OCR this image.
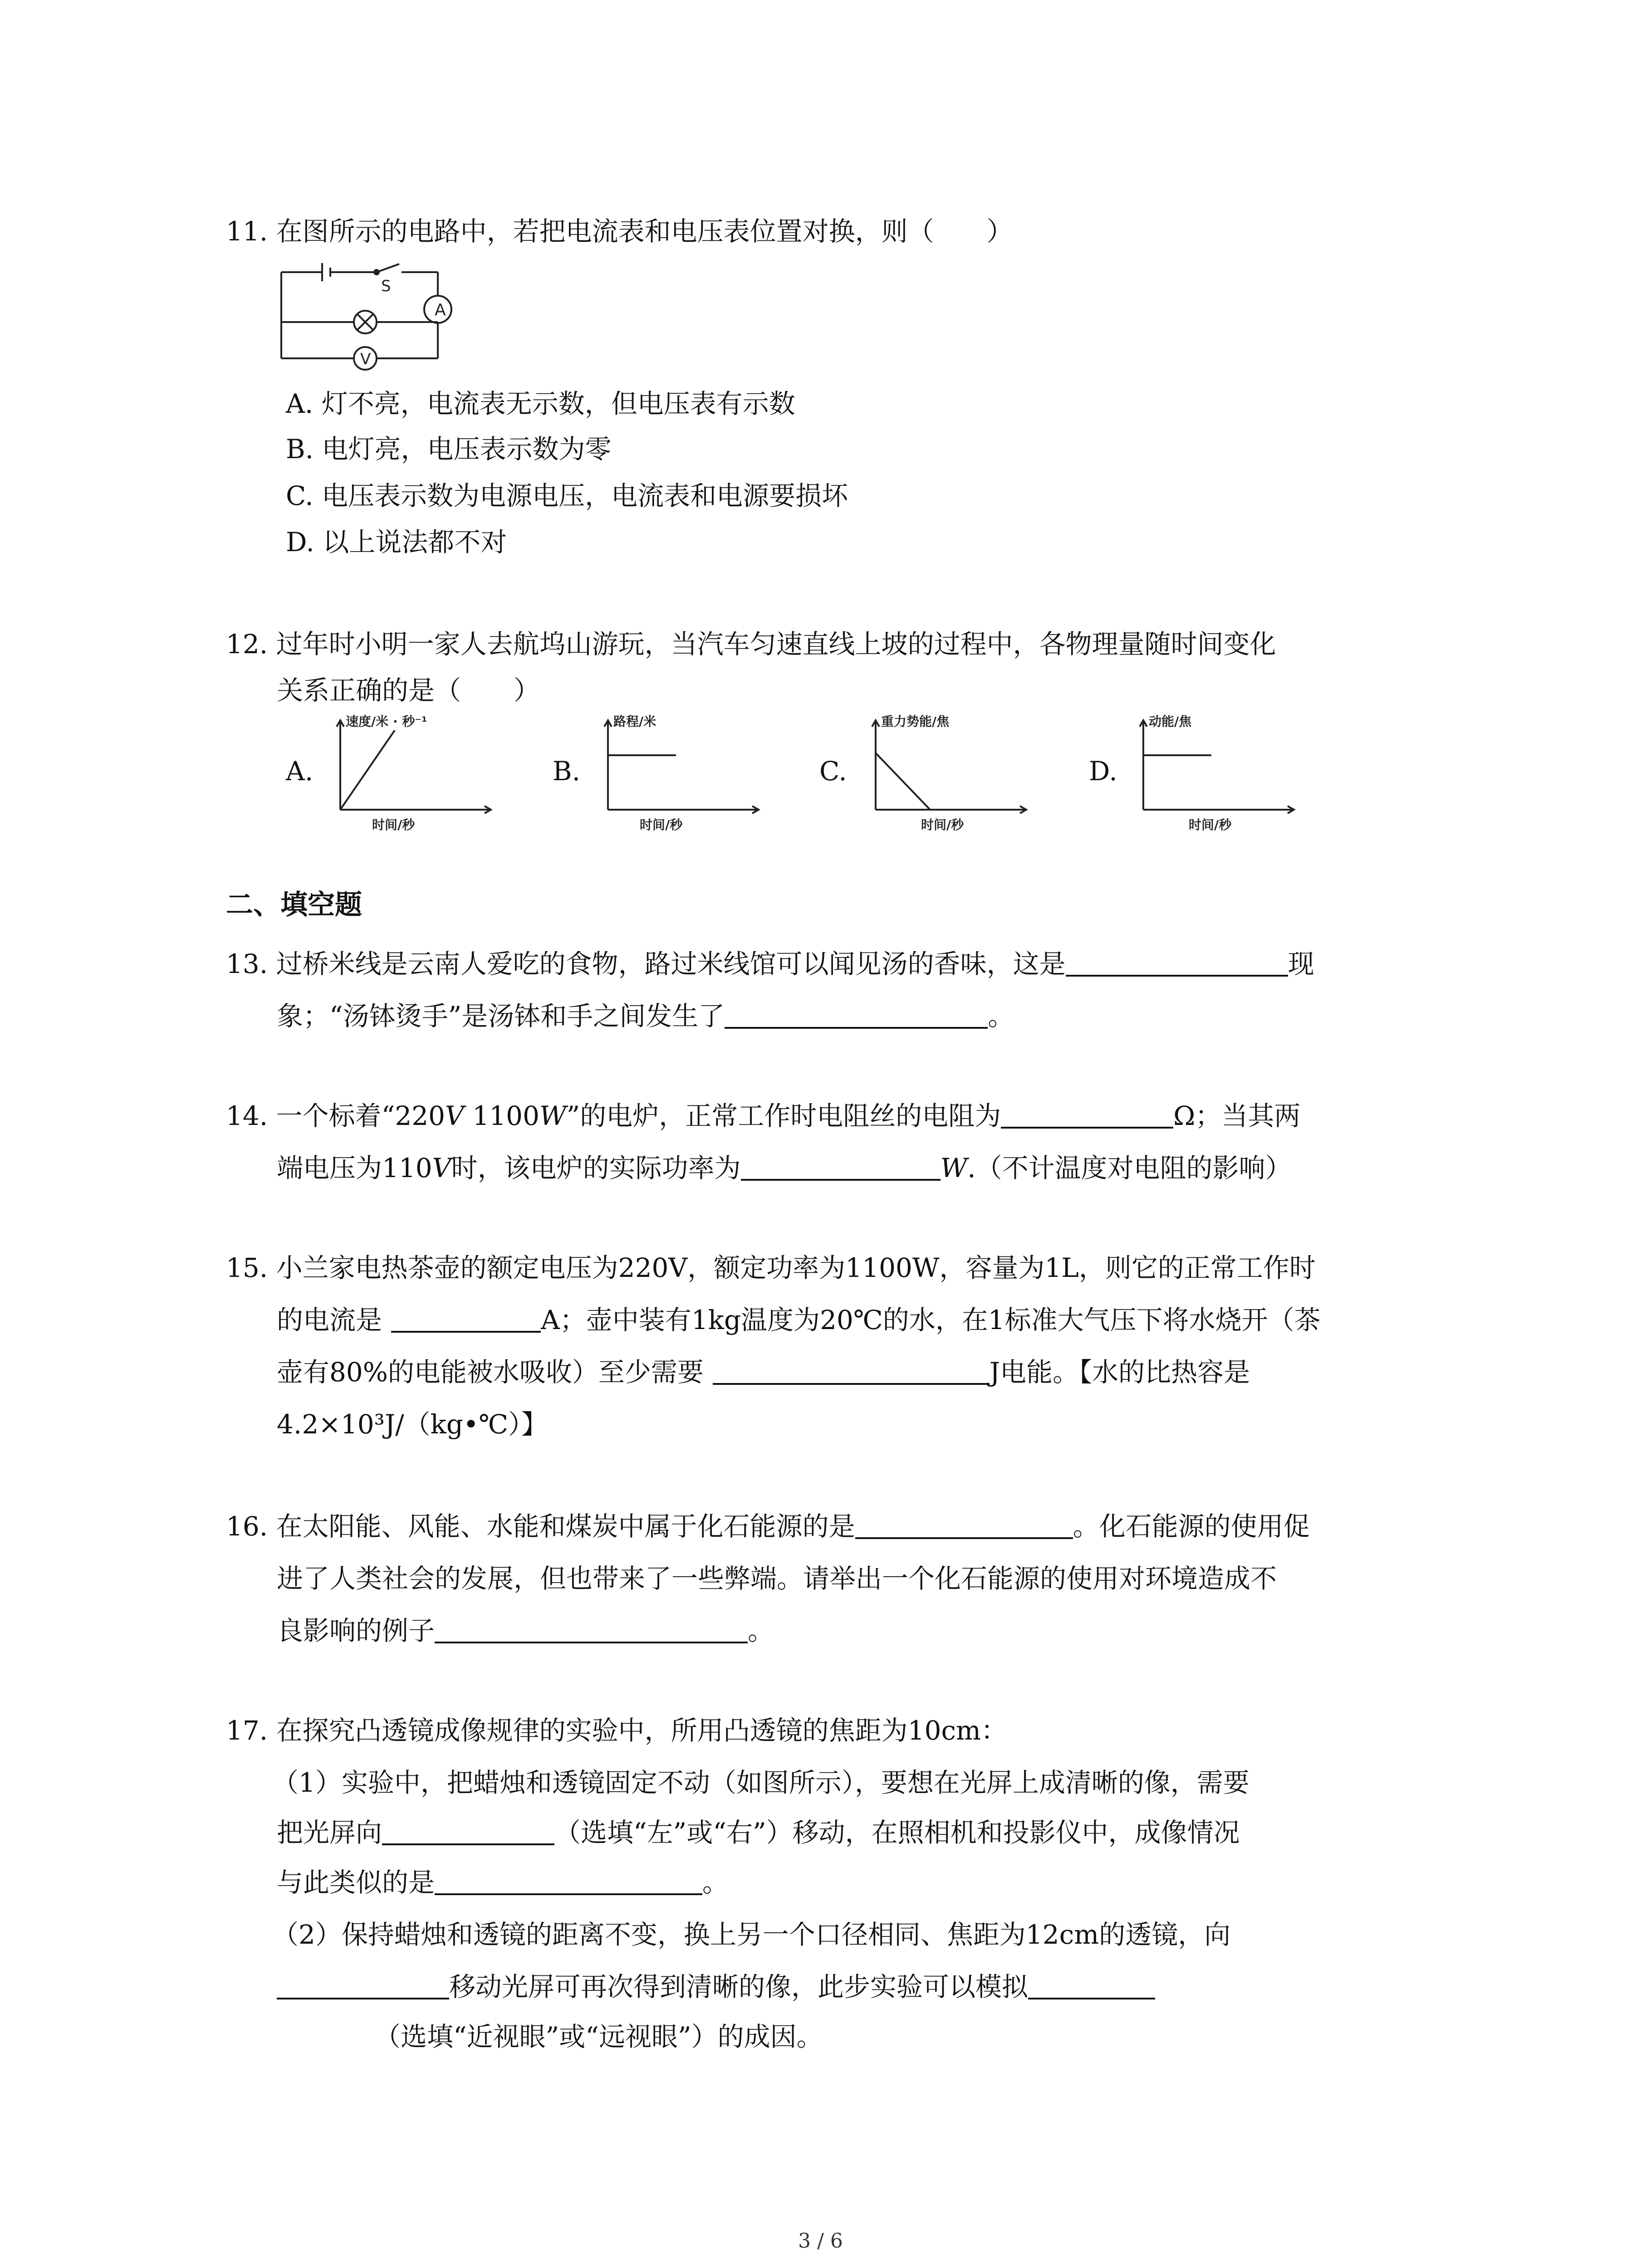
11. 在图所示的电路中，若把电流表和电压表位置对换，则（　　）
A
V
S
A. 灯不亮，电流表无示数，但电压表有示数
B. 电灯亮，电压表示数为零
C. 电压表示数为电源电压，电流表和电源要损坏
D. 以上说法都不对
12. 过年时小明一家人去航坞山游玩，当汽车匀速直线上坡的过程中，各物理量随时间变化
关系正确的是（　　）
A.
速度/米 · 秒⁻¹
时间/秒
B.
路程/米
时间/秒
C.
重力势能/焦
时间/秒
D.
动能/焦
时间/秒
二、填空题
13. 过桥米线是云南人爱吃的食物，路过米线馆可以闻见汤的香味，这是	现
象；“汤钵烫手”是汤钵和手之间发生了	。
14. 一个标着“220V 1100W”的电炉，正常工作时电阻丝的电阻为	Ω；当其两
端电压为110V时，该电炉的实际功率为	W.（不计温度对电阻的影响）
15. 小兰家电热茶壶的额定电压为220V，额定功率为1100W，容量为1L，则它的正常工作时
的电流是	A；壶中装有1kg温度为20℃的水，在1标准大气压下将水烧开（茶
壶有80%的电能被水吸收）至少需要	J电能。【水的比热容是
4.2×10³J/（kg•℃）】
16. 在太阳能、风能、水能和煤炭中属于化石能源的是	。化石能源的使用促
进了人类社会的发展，但也带来了一些弊端。请举出一个化石能源的使用对环境造成不
良影响的例子	。
17. 在探究凸透镜成像规律的实验中，所用凸透镜的焦距为10cm：
（1）实验中，把蜡烛和透镜固定不动（如图所示），要想在光屏上成清晰的像，需要
把光屏向	（选填“左”或“右”）移动，在照相机和投影仪中，成像情况
与此类似的是	。
（2）保持蜡烛和透镜的距离不变，换上另一个口径相同、焦距为12cm的透镜，向
移动光屏可再次得到清晰的像，此步实验可以模拟
（选填“近视眼”或“远视眼”）的成因。
3 / 6
